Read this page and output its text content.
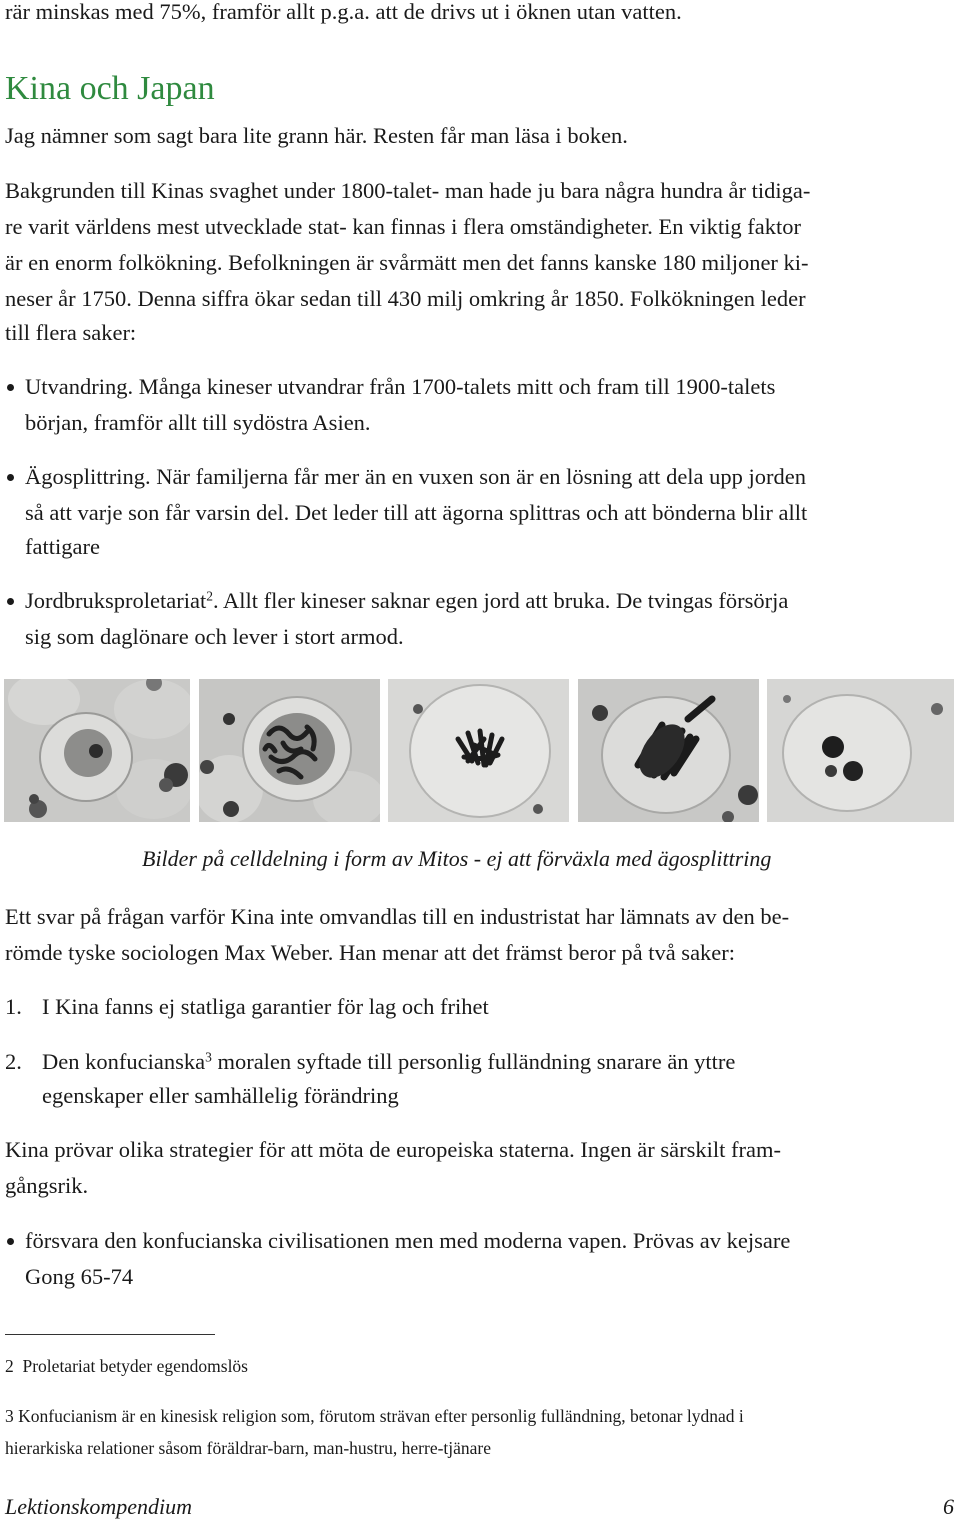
rär minskas med 75%, framför allt p.g.a. att de drivs ut i öknen utan vatten.
Kina och Japan
Jag nämner som sagt bara lite grann här. Resten får man läsa i boken.
Bakgrunden till Kinas svaghet under 1800-talet- man hade ju bara några hundra år tidiga-
re varit världens mest utvecklade stat- kan finnas i flera omständigheter. En viktig faktor
är en enorm folkökning. Befolkningen är svårmätt men det fanns kanske 180 miljoner ki-
neser år 1750. Denna siffra ökar sedan till 430 milj omkring år 1850. Folkökningen leder
till flera saker:
Utvandring. Många kineser utvandrar från 1700-talets mitt och fram till 1900-talets
början, framför allt till sydöstra Asien.
Ägosplittring. När familjerna får mer än en vuxen son är en lösning att dela upp jorden
så att varje son får varsin del. Det leder till att ägorna splittras och att bönderna blir allt
fattigare
Jordbruksproletariat$^2$. Allt fler kineser saknar egen jord att bruka. De tvingas försörja
sig som daglönare och lever i stort armod.
Bilder på celldelning i form av Mitos - ej att förväxla med ägosplittring
Ett svar på frågan varför Kina inte omvandlas till en industristat har lämnats av den be-
römde tyske sociologen Max Weber. Han menar att det främst beror på två saker:
1. I Kina fanns ej statliga garantier för lag och frihet
2. Den konfucianska$^3$ moralen syftade till personlig fulländning snarare än yttre
egenskaper eller samhällelig förändring
Kina prövar olika strategier för att möta de europeiska staterna. Ingen är särskilt fram-
gångsrik.
försvara den konfucianska civilisationen men med moderna vapen. Prövas av kejsare
Gong 65-74
2 Proletariat betyder egendomslös
3 Konfucianism är en kinesisk religion som, förutom strävan efter personlig fulländning, betonar lydnad i
hierarkiska relationer såsom föräldrar-barn, man-hustru, herre-tjänare
Lektionskompendium	6
